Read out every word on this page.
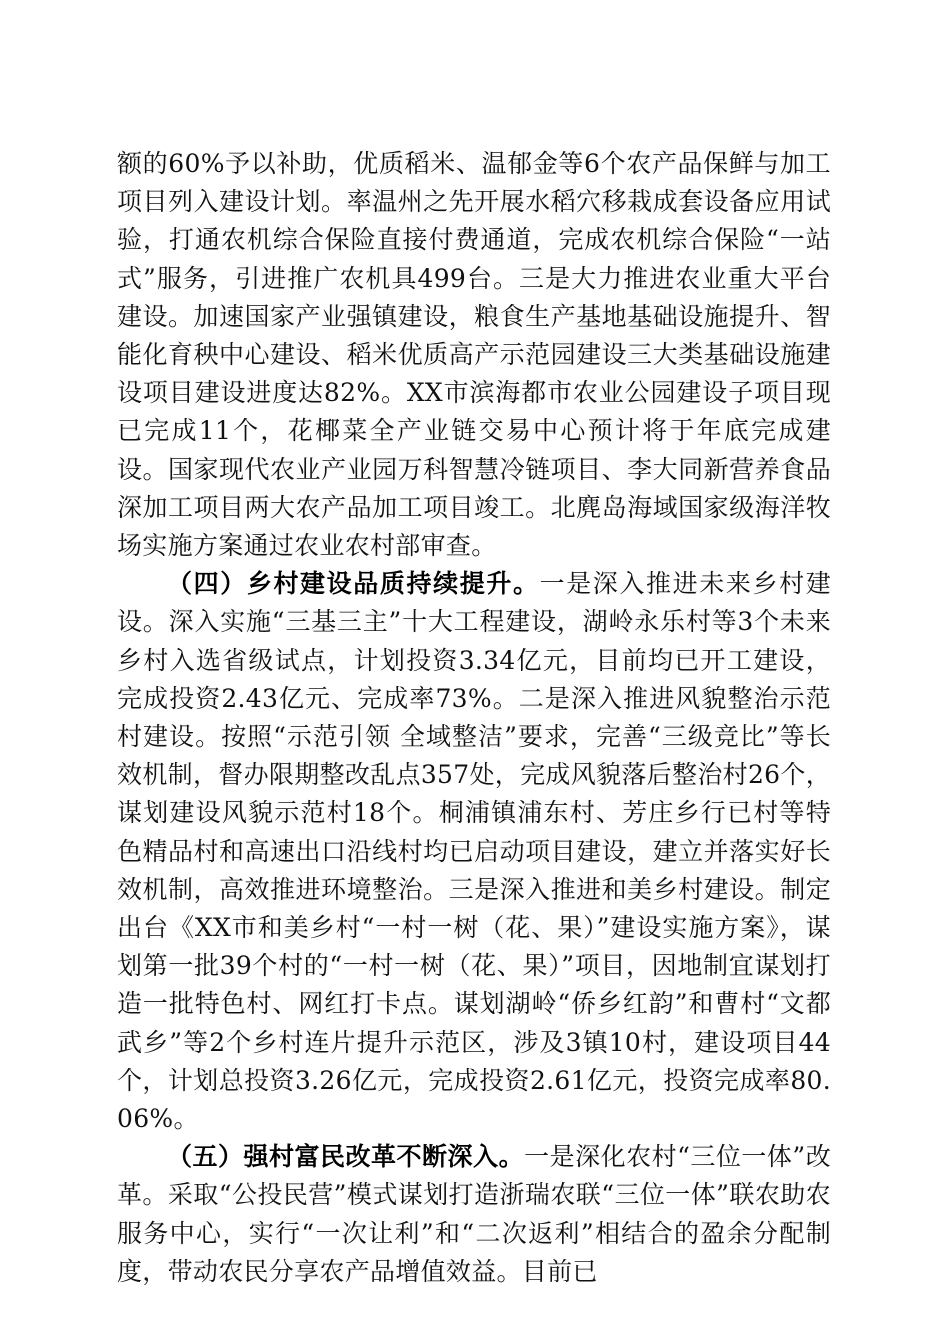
额的60%予以补助，优质稻米、温郁金等6个农产品保鲜与加工项目列入建设计划。率温州之先开展水稻穴移栽成套设备应用试验，打通农机综合保险直接付费通道，完成农机综合保险“一站式”服务，引进推广农机具499台。三是大力推进农业重大平台建设。加速国家产业强镇建设，粮食生产基地基础设施提升、智能化育秧中心建设、稻米优质高产示范园建设三大类基础设施建设项目建设进度达82%。XX市滨海都市农业公园建设子项目现已完成11个，花椰菜全产业链交易中心预计将于年底完成建设。国家现代农业产业园万科智慧冷链项目、李大同新营养食品深加工项目两大农产品加工项目竣工。北麂岛海域国家级海洋牧场实施方案通过农业农村部审查。

（四）乡村建设品质持续提升。一是深入推进未来乡村建设。深入实施“三基三主”十大工程建设，湖岭永乐村等3个未来乡村入选省级试点，计划投资3.34亿元，目前均已开工建设，完成投资2.43亿元、完成率73%。二是深入推进风貌整治示范村建设。按照“示范引领 全域整洁”要求，完善“三级竞比”等长效机制，督办限期整改乱点357处，完成风貌落后整治村26个，谋划建设风貌示范村18个。桐浦镇浦东村、芳庄乡行已村等特色精品村和高速出口沿线村均已启动项目建设，建立并落实好长效机制，高效推进环境整治。三是深入推进和美乡村建设。制定出台《XX市和美乡村“一村一树（花、果）”建设实施方案》，谋划第一批39个村的“一村一树（花、果）”项目，因地制宜谋划打造一批特色村、网红打卡点。谋划湖岭“侨乡红韵”和曹村“文都武乡”等2个乡村连片提升示范区，涉及3镇10村，建设项目44个，计划总投资3.26亿元，完成投资2.61亿元，投资完成率80.06%。

（五）强村富民改革不断深入。一是深化农村“三位一体”改革。采取“公投民营”模式谋划打造浙瑞农联“三位一体”联农助农服务中心，实行“一次让利”和“二次返利”相结合的盈余分配制度，带动农民分享农产品增值效益。目前已
